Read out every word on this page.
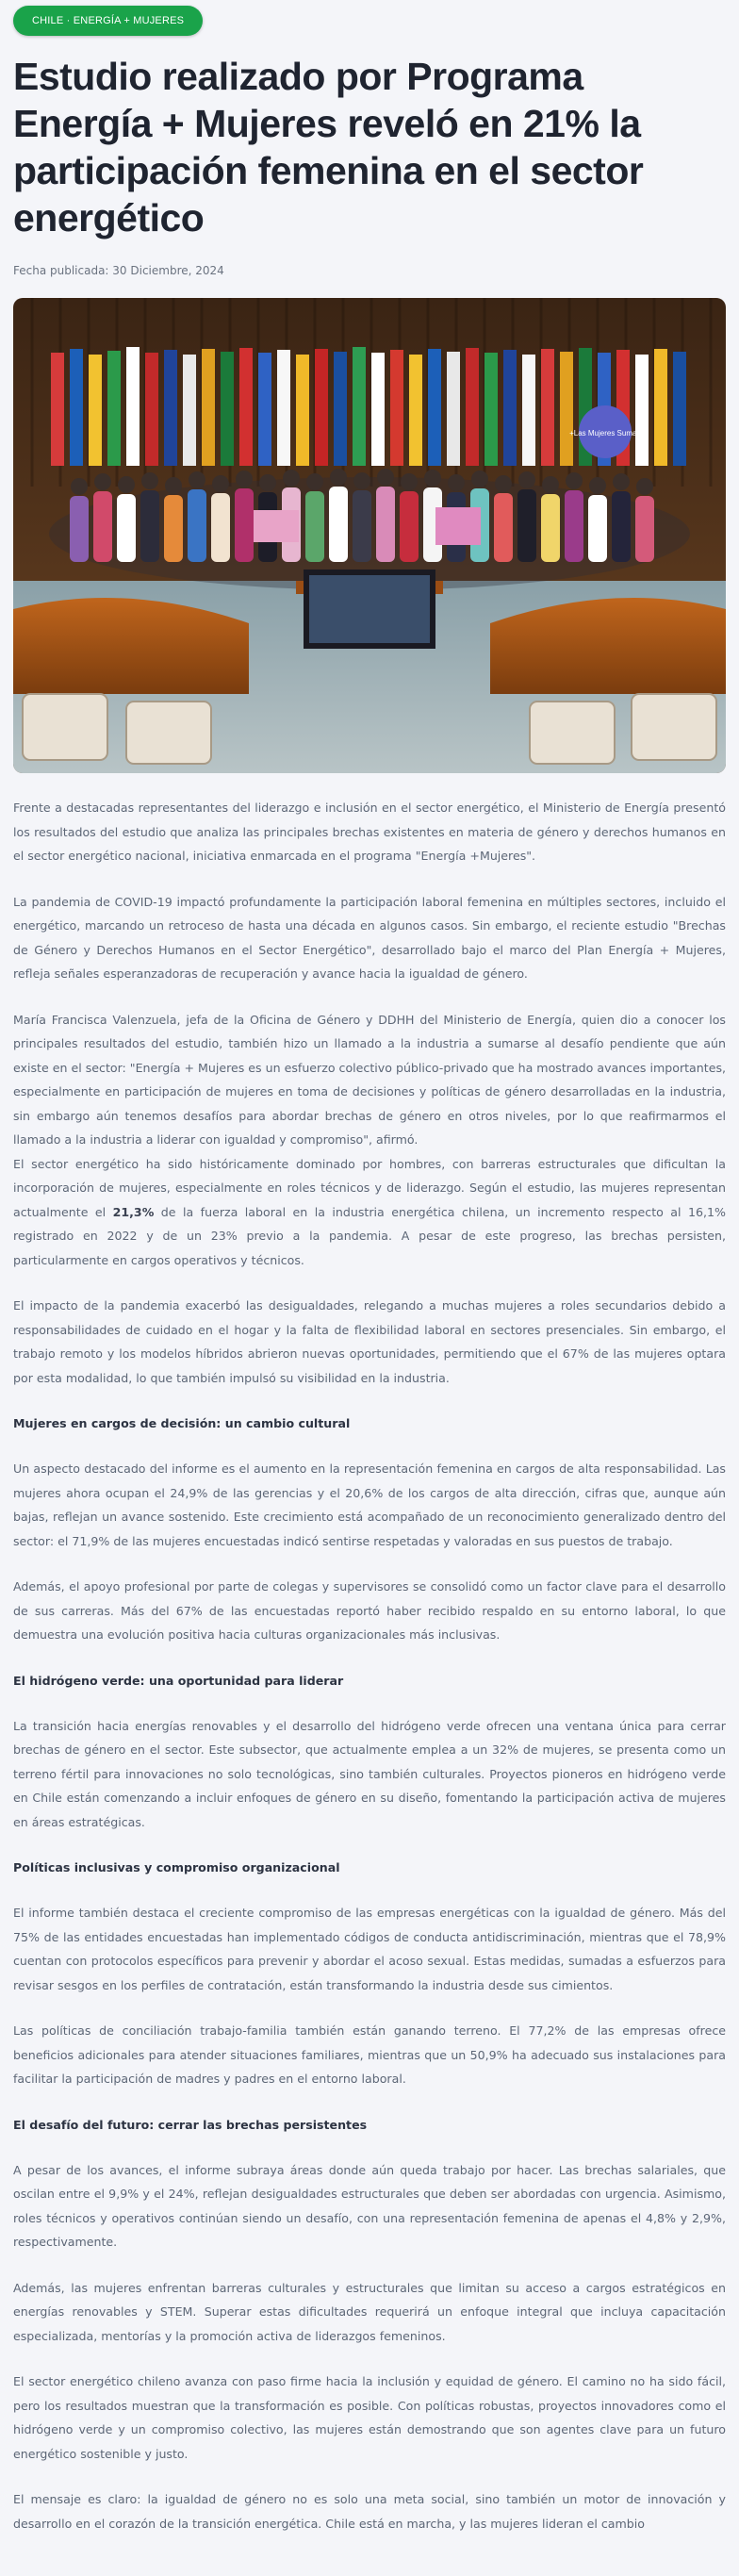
CHILE · ENERGÍA + MUJERES
Estudio realizado por Programa Energía + Mujeres reveló en 21% la participación femenina en el sector energético
Fecha publicada: 30 Diciembre, 2024
+Las Mujeres Suman

Frente a destacadas representantes del liderazgo e inclusión en el sector energético, el Ministerio de Energía presentó los resultados del estudio que analiza las principales brechas existentes en materia de género y derechos humanos en el sector energético nacional, iniciativa enmarcada en el programa "Energía +Mujeres".

La pandemia de COVID-19 impactó profundamente la participación laboral femenina en múltiples sectores, incluido el energético, marcando un retroceso de hasta una década en algunos casos. Sin embargo, el reciente estudio "Brechas de Género y Derechos Humanos en el Sector Energético", desarrollado bajo el marco del Plan Energía + Mujeres, refleja señales esperanzadoras de recuperación y avance hacia la igualdad de género.

María Francisca Valenzuela, jefa de la Oficina de Género y DDHH del Ministerio de Energía, quien dio a conocer los principales resultados del estudio, también hizo un llamado a la industria a sumarse al desafío pendiente que aún existe en el sector: "Energía + Mujeres es un esfuerzo colectivo público-privado que ha mostrado avances importantes, especialmente en participación de mujeres en toma de decisiones y políticas de género desarrolladas en la industria, sin embargo aún tenemos desafíos para abordar brechas de género en otros niveles, por lo que reafirmarmos el llamado a la industria a liderar con igualdad y compromiso", afirmó.

El sector energético ha sido históricamente dominado por hombres, con barreras estructurales que dificultan la incorporación de mujeres, especialmente en roles técnicos y de liderazgo. Según el estudio, las mujeres representan actualmente el 21,3% de la fuerza laboral en la industria energética chilena, un incremento respecto al 16,1% registrado en 2022 y de un 23% previo a la pandemia. A pesar de este progreso, las brechas persisten, particularmente en cargos operativos y técnicos.

El impacto de la pandemia exacerbó las desigualdades, relegando a muchas mujeres a roles secundarios debido a responsabilidades de cuidado en el hogar y la falta de flexibilidad laboral en sectores presenciales. Sin embargo, el trabajo remoto y los modelos híbridos abrieron nuevas oportunidades, permitiendo que el 67% de las mujeres optara por esta modalidad, lo que también impulsó su visibilidad en la industria.

Mujeres en cargos de decisión: un cambio cultural

Un aspecto destacado del informe es el aumento en la representación femenina en cargos de alta responsabilidad. Las mujeres ahora ocupan el 24,9% de las gerencias y el 20,6% de los cargos de alta dirección, cifras que, aunque aún bajas, reflejan un avance sostenido. Este crecimiento está acompañado de un reconocimiento generalizado dentro del sector: el 71,9% de las mujeres encuestadas indicó sentirse respetadas y valoradas en sus puestos de trabajo.

Además, el apoyo profesional por parte de colegas y supervisores se consolidó como un factor clave para el desarrollo de sus carreras. Más del 67% de las encuestadas reportó haber recibido respaldo en su entorno laboral, lo que demuestra una evolución positiva hacia culturas organizacionales más inclusivas.

El hidrógeno verde: una oportunidad para liderar

La transición hacia energías renovables y el desarrollo del hidrógeno verde ofrecen una ventana única para cerrar brechas de género en el sector. Este subsector, que actualmente emplea a un 32% de mujeres, se presenta como un terreno fértil para innovaciones no solo tecnológicas, sino también culturales. Proyectos pioneros en hidrógeno verde en Chile están comenzando a incluir enfoques de género en su diseño, fomentando la participación activa de mujeres en áreas estratégicas.

Políticas inclusivas y compromiso organizacional

El informe también destaca el creciente compromiso de las empresas energéticas con la igualdad de género. Más del 75% de las entidades encuestadas han implementado códigos de conducta antidiscriminación, mientras que el 78,9% cuentan con protocolos específicos para prevenir y abordar el acoso sexual. Estas medidas, sumadas a esfuerzos para revisar sesgos en los perfiles de contratación, están transformando la industria desde sus cimientos.

Las políticas de conciliación trabajo-familia también están ganando terreno. El 77,2% de las empresas ofrece beneficios adicionales para atender situaciones familiares, mientras que un 50,9% ha adecuado sus instalaciones para facilitar la participación de madres y padres en el entorno laboral.

El desafío del futuro: cerrar las brechas persistentes

A pesar de los avances, el informe subraya áreas donde aún queda trabajo por hacer. Las brechas salariales, que oscilan entre el 9,9% y el 24%, reflejan desigualdades estructurales que deben ser abordadas con urgencia. Asimismo, roles técnicos y operativos continúan siendo un desafío, con una representación femenina de apenas el 4,8% y 2,9%, respectivamente.

Además, las mujeres enfrentan barreras culturales y estructurales que limitan su acceso a cargos estratégicos en energías renovables y STEM. Superar estas dificultades requerirá un enfoque integral que incluya capacitación especializada, mentorías y la promoción activa de liderazgos femeninos.

El sector energético chileno avanza con paso firme hacia la inclusión y equidad de género. El camino no ha sido fácil, pero los resultados muestran que la transformación es posible. Con políticas robustas, proyectos innovadores como el hidrógeno verde y un compromiso colectivo, las mujeres están demostrando que son agentes clave para un futuro energético sostenible y justo.

El mensaje es claro: la igualdad de género no es solo una meta social, sino también un motor de innovación y desarrollo en el corazón de la transición energética. Chile está en marcha, y las mujeres lideran el cambio
